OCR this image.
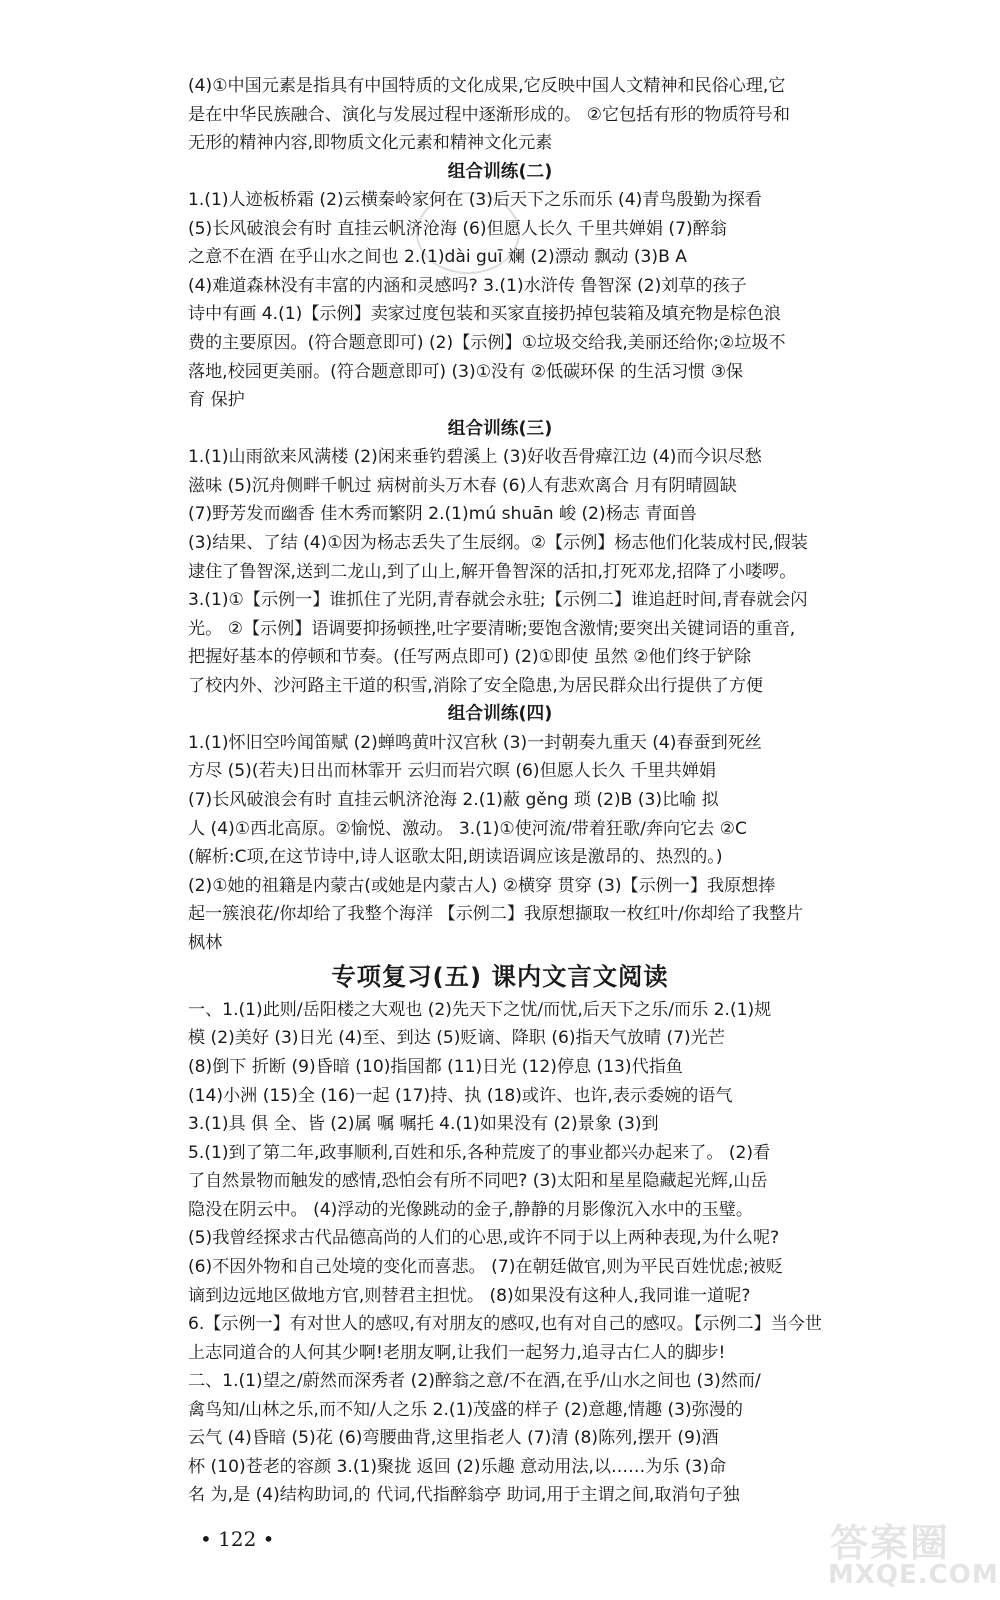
(4)①中国元素是指具有中国特质的文化成果,它反映中国人文精神和民俗心理,它
是在中华民族融合、演化与发展过程中逐渐形成的。 ②它包括有形的物质符号和
无形的精神内容,即物质文化元素和精神文化元素
组合训练(二)
1.(1)人迹板桥霜 (2)云横秦岭家何在 (3)后天下之乐而乐 (4)青鸟殷勤为探看
(5)长风破浪会有时 直挂云帆济沧海 (6)但愿人长久 千里共婵娟 (7)醉翁
之意不在酒 在乎山水之间也 2.(1)dài guī 斓 (2)漂动 飘动 (3)B A
(4)难道森林没有丰富的内涵和灵感吗? 3.(1)水浒传 鲁智深 (2)刘草的孩子
诗中有画 4.(1)【示例】卖家过度包装和买家直接扔掉包装箱及填充物是棕色浪
费的主要原因。(符合题意即可) (2)【示例】①垃圾交给我,美丽还给你;②垃圾不
落地,校园更美丽。(符合题意即可) (3)①没有 ②低碳环保 的生活习惯 ③保
育 保护
组合训练(三)
1.(1)山雨欲来风满楼 (2)闲来垂钓碧溪上 (3)好收吾骨瘴江边 (4)而今识尽愁
滋味 (5)沉舟侧畔千帆过 病树前头万木春 (6)人有悲欢离合 月有阴晴圆缺
(7)野芳发而幽香 佳木秀而繁阴 2.(1)mú shuān 峻 (2)杨志 青面兽
(3)结果、了结 (4)①因为杨志丢失了生辰纲。②【示例】杨志他们化装成村民,假装
逮住了鲁智深,送到二龙山,到了山上,解开鲁智深的活扣,打死邓龙,招降了小喽啰。
3.(1)①【示例一】谁抓住了光阴,青春就会永驻;【示例二】谁追赶时间,青春就会闪
光。 ②【示例】语调要抑扬顿挫,吐字要清晰;要饱含激情;要突出关键词语的重音,
把握好基本的停顿和节奏。(任写两点即可) (2)①即使 虽然 ②他们终于铲除
了校内外、沙河路主干道的积雪,消除了安全隐患,为居民群众出行提供了方便
组合训练(四)
1.(1)怀旧空吟闻笛赋 (2)蝉鸣黄叶汉宫秋 (3)一封朝奏九重天 (4)春蚕到死丝
方尽 (5)(若夫)日出而林霏开 云归而岩穴暝 (6)但愿人长久 千里共婵娟
(7)长风破浪会有时 直挂云帆济沧海 2.(1)蔽 gěng 琐 (2)B (3)比喻 拟
人 (4)①西北高原。②愉悦、激动。 3.(1)①使河流/带着狂歌/奔向它去 ②C
(解析:C项,在这节诗中,诗人讴歌太阳,朗读语调应该是激昂的、热烈的。)
(2)①她的祖籍是内蒙古(或她是内蒙古人) ②横穿 贯穿 (3)【示例一】我原想捧
起一簇浪花/你却给了我整个海洋 【示例二】我原想撷取一枚红叶/你却给了我整片
枫林
专项复习(五) 课内文言文阅读
一、1.(1)此则/岳阳楼之大观也 (2)先天下之忧/而忧,后天下之乐/而乐 2.(1)规
模 (2)美好 (3)日光 (4)至、到达 (5)贬谪、降职 (6)指天气放晴 (7)光芒
(8)倒下 折断 (9)昏暗 (10)指国都 (11)日光 (12)停息 (13)代指鱼
(14)小洲 (15)全 (16)一起 (17)持、执 (18)或许、也许,表示委婉的语气
3.(1)具 俱 全、皆 (2)属 嘱 嘱托 4.(1)如果没有 (2)景象 (3)到
5.(1)到了第二年,政事顺利,百姓和乐,各种荒废了的事业都兴办起来了。 (2)看
了自然景物而触发的感情,恐怕会有所不同吧? (3)太阳和星星隐藏起光辉,山岳
隐没在阴云中。 (4)浮动的光像跳动的金子,静静的月影像沉入水中的玉璧。
(5)我曾经探求古代品德高尚的人们的心思,或许不同于以上两种表现,为什么呢?
(6)不因外物和自己处境的变化而喜悲。 (7)在朝廷做官,则为平民百姓忧虑;被贬
谪到边远地区做地方官,则替君主担忧。 (8)如果没有这种人,我同谁一道呢?
6.【示例一】有对世人的感叹,有对朋友的感叹,也有对自己的感叹。【示例二】当今世
上志同道合的人何其少啊!老朋友啊,让我们一起努力,追寻古仁人的脚步!
二、1.(1)望之/蔚然而深秀者 (2)醉翁之意/不在酒,在乎/山水之间也 (3)然而/
禽鸟知/山林之乐,而不知/人之乐 2.(1)茂盛的样子 (2)意趣,情趣 (3)弥漫的
云气 (4)昏暗 (5)花 (6)弯腰曲背,这里指老人 (7)清 (8)陈列,摆开 (9)酒
杯 (10)苍老的容颜 3.(1)聚拢 返回 (2)乐趣 意动用法,以……为乐 (3)命
名 为,是 (4)结构助词,的 代词,代指醉翁亭 助词,用于主谓之间,取消句子独
• 122 •	答案圈
MXQE.COM
